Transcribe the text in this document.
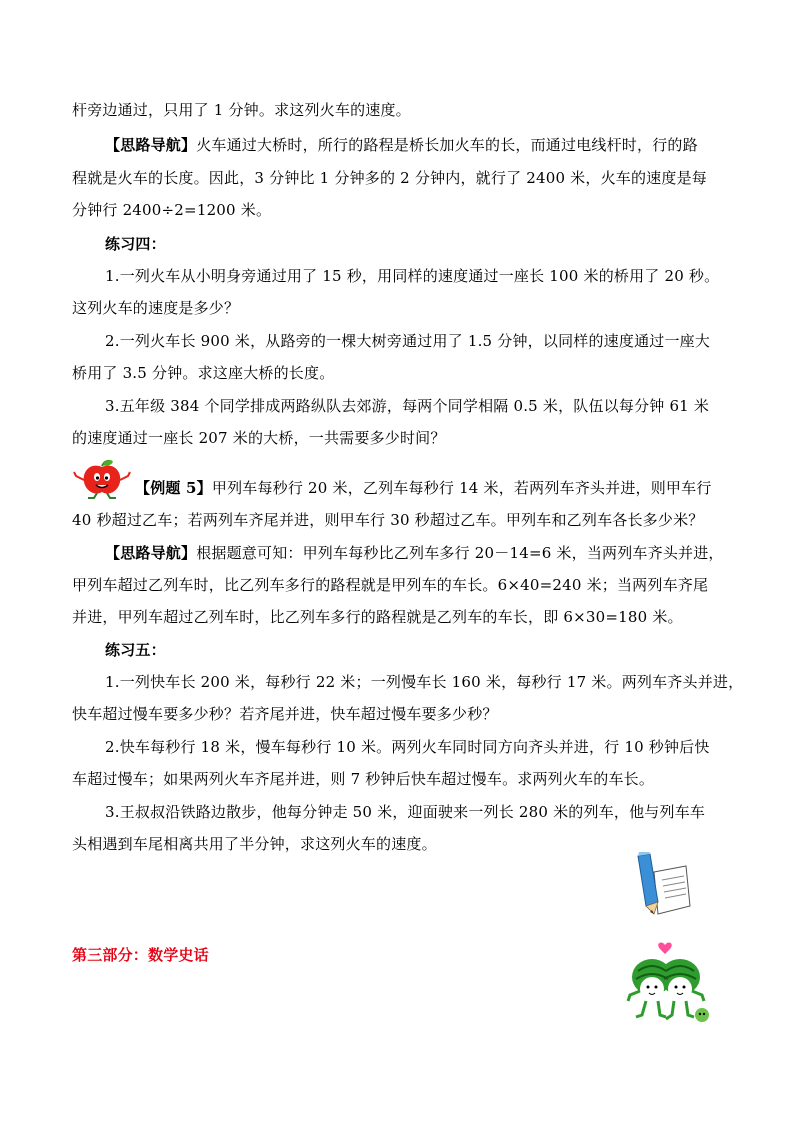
杆旁边通过，只用了 1 分钟。求这列火车的速度。
【思路导航】火车通过大桥时，所行的路程是桥长加火车的长，而通过电线杆时，行的路
程就是火车的长度。因此，3 分钟比 1 分钟多的 2 分钟内，就行了 2400 米，火车的速度是每
分钟行 2400÷2=1200 米。
练习四：
1.一列火车从小明身旁通过用了 15 秒，用同样的速度通过一座长 100 米的桥用了 20 秒。
这列火车的速度是多少？
2.一列火车长 900 米，从路旁的一棵大树旁通过用了 1.5 分钟，以同样的速度通过一座大
桥用了 3.5 分钟。求这座大桥的长度。
3.五年级 384 个同学排成两路纵队去郊游，每两个同学相隔 0.5 米，队伍以每分钟 61 米
的速度通过一座长 207 米的大桥，一共需要多少时间？
【例题 5】甲列车每秒行 20 米，乙列车每秒行 14 米，若两列车齐头并进，则甲车行
40 秒超过乙车；若两列车齐尾并进，则甲车行 30 秒超过乙车。甲列车和乙列车各长多少米？
【思路导航】根据题意可知：甲列车每秒比乙列车多行 20－14=6 米，当两列车齐头并进，
甲列车超过乙列车时，比乙列车多行的路程就是甲列车的车长。6×40=240 米；当两列车齐尾
并进，甲列车超过乙列车时，比乙列车多行的路程就是乙列车的车长，即 6×30=180 米。
练习五：
1.一列快车长 200 米，每秒行 22 米；一列慢车长 160 米，每秒行 17 米。两列车齐头并进，
快车超过慢车要多少秒？若齐尾并进，快车超过慢车要多少秒？
2.快车每秒行 18 米，慢车每秒行 10 米。两列火车同时同方向齐头并进，行 10 秒钟后快
车超过慢车；如果两列火车齐尾并进，则 7 秒钟后快车超过慢车。求两列火车的车长。
3.王叔叔沿铁路边散步，他每分钟走 50 米，迎面驶来一列长 280 米的列车，他与列车车
头相遇到车尾相离共用了半分钟，求这列火车的速度。
第三部分：数学史话
